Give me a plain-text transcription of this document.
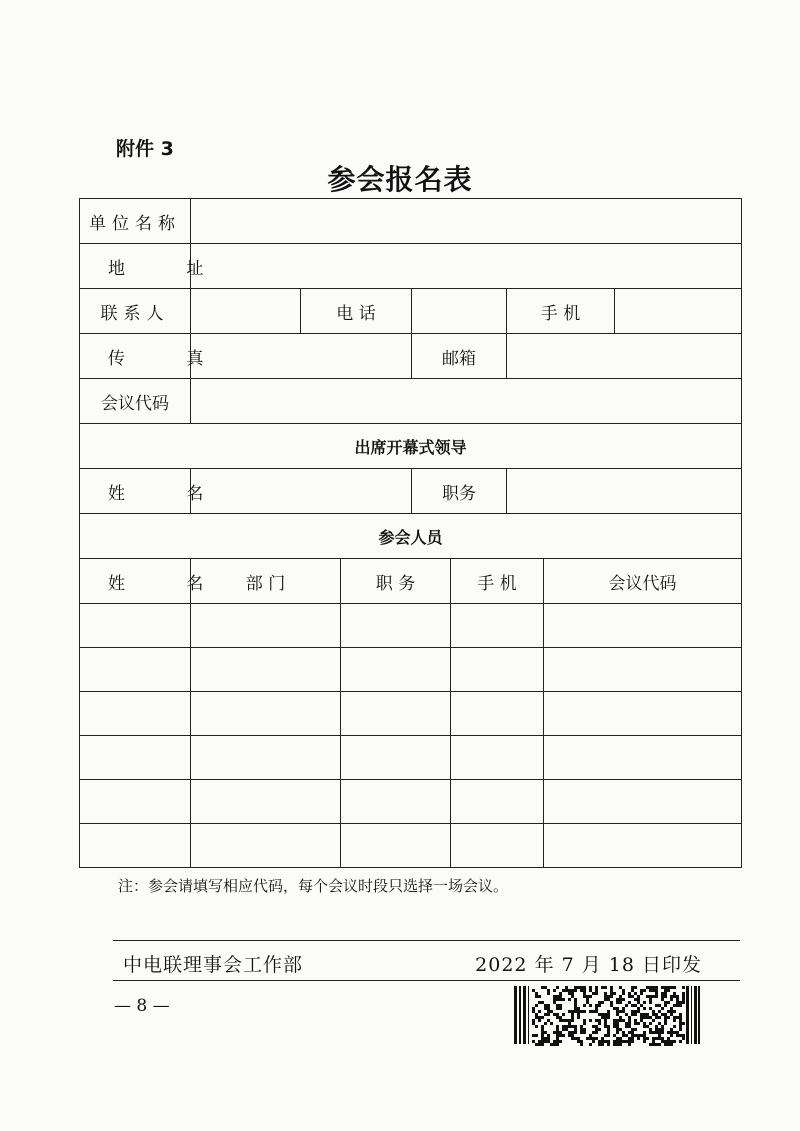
附件 3
参会报名表
单位名称								
地 址								
联系人		电 话				手 机		
传 真				邮箱				
会议代码								
出席开幕式领导								
姓 名				职务				
参会人员								
姓 名	部 门		职 务		手 机		会议代码	

注：参会请填写相应代码，每个会议时段只选择一场会议。
中电联理事会工作部	2022 年 7 月 18 日印发
— 8 —
